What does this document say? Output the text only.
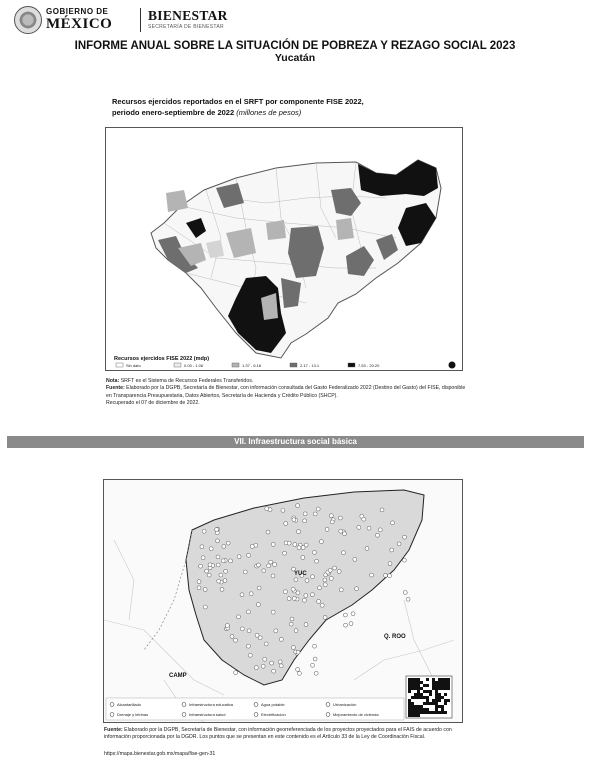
GOBIERNO DE
MÉXICO
BIENESTAR
SECRETARÍA DE BIENESTAR
INFORME ANUAL SOBRE LA SITUACIÓN DE POBREZA Y REZAGO SOCIAL 2023
Yucatán
Recursos ejercidos reportados en el SRFT por componente FISE 2022,
periodo enero-septiembre de 2022 (millones de pesos)
Recursos ejercidos FISE 2022 (mdp)
Sin dato	0.03 - 1.06	1.37 - 6.16	2.17 - 13.1	7.53 - 20.20
Nota: SRFT es el Sistema de Recursos Federales Transferidos.
Fuente: Elaborado por la DGPB, Secretaría de Bienestar, con información consultada del Gasto Federalizado 2022 (Destino del Gasto) del FISE, disponible en Transparencia Presupuestaria, Datos Abiertos, Secretaría de Hacienda y Crédito Público (SHCP).
Recuperado el 07 de diciembre de 2022.
VII. Infraestructura social básica
YUC
Q. ROO
CAMP
Alcantarillado	Infraestructura educativa	Agua potable	Urbanización
Drenaje y letrinas	Infraestructura salud	Electrificación	Mejoramiento de vivienda
Fuente: Elaborado por la DGPB, Secretaría de Bienestar, con información georreferenciada de los proyectos proyectados para el FAIS de acuerdo con información proporcionada por la DGDR. Los puntos que se presentan en este contenido es el Artículo 33 de la Ley de Coordinación Fiscal.
https://mapa.bienestar.gob.mx/mapa/fise-gen-31
